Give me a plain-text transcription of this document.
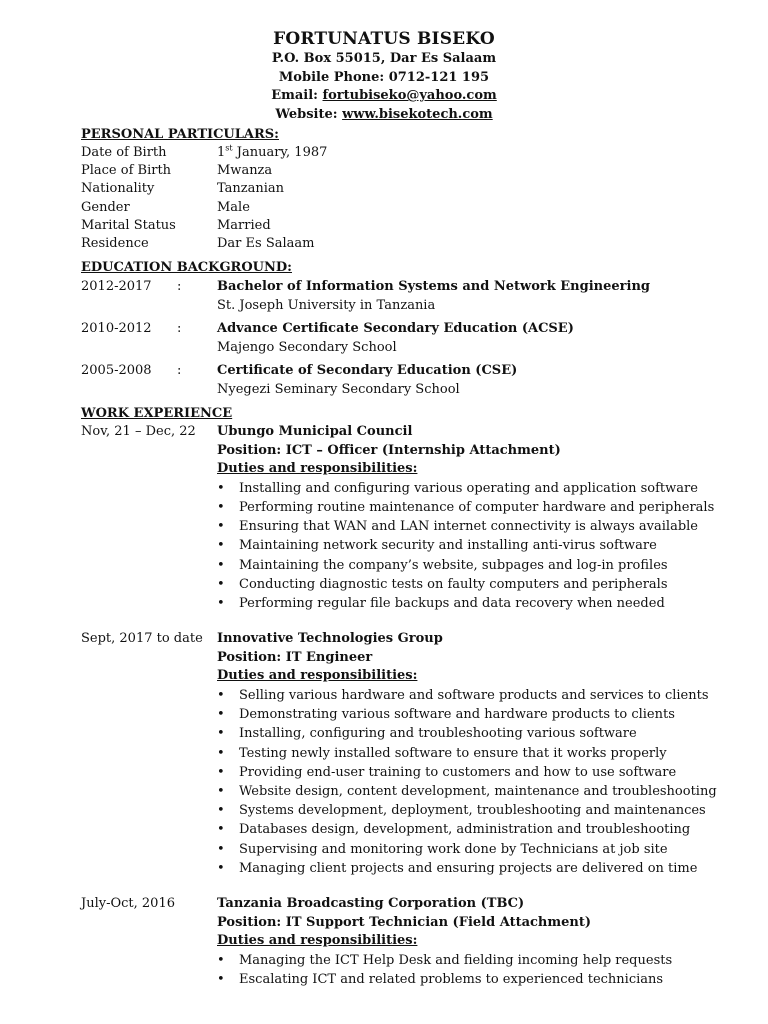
FORTUNATUS BISEKO
P.O. Box 55015, Dar Es Salaam
Mobile Phone: 0712-121 195
Email: fortubiseko@yahoo.com
Website: www.bisekotech.com
PERSONAL PARTICULARS:
Date of Birth	1st January, 1987
Place of Birth	Mwanza
Nationality	Tanzanian
Gender	Male
Marital Status	Married
Residence	Dar Es Salaam
EDUCATION BACKGROUND:
2012-2017	:	Bachelor of Information Systems and Network Engineering
St. Joseph University in Tanzania
2010-2012	:	Advance Certificate Secondary Education (ACSE)
Majengo Secondary School
2005-2008	:	Certificate of Secondary Education (CSE)
Nyegezi Seminary Secondary School
WORK EXPERIENCE
Nov, 21 – Dec, 22	Ubungo Municipal Council
Position: ICT – Officer (Internship Attachment)
Duties and responsibilities:
• Installing and configuring various operating and application software
• Performing routine maintenance of computer hardware and peripherals
• Ensuring that WAN and LAN internet connectivity is always available
• Maintaining network security and installing anti-virus software
• Maintaining the company’s website, subpages and log-in profiles
• Conducting diagnostic tests on faulty computers and peripherals
• Performing regular file backups and data recovery when needed
Sept, 2017 to date	Innovative Technologies Group
Position: IT Engineer
Duties and responsibilities:
• Selling various hardware and software products and services to clients
• Demonstrating various software and hardware products to clients
• Installing, configuring and troubleshooting various software
• Testing newly installed software to ensure that it works properly
• Providing end-user training to customers and how to use software
• Website design, content development, maintenance and troubleshooting
• Systems development, deployment, troubleshooting and maintenances
• Databases design, development, administration and troubleshooting
• Supervising and monitoring work done by Technicians at job site
• Managing client projects and ensuring projects are delivered on time
July-Oct, 2016	Tanzania Broadcasting Corporation (TBC)
Position: IT Support Technician (Field Attachment)
Duties and responsibilities:
• Managing the ICT Help Desk and fielding incoming help requests
• Escalating ICT and related problems to experienced technicians
